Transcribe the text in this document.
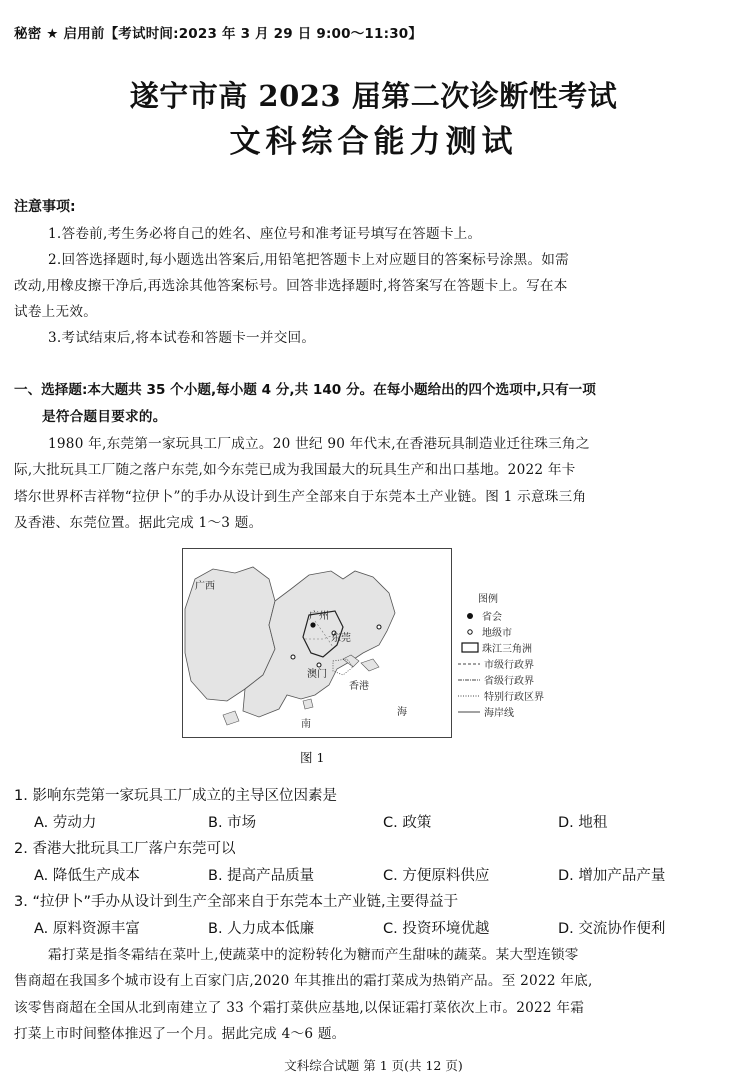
秘密 ★ 启用前【考试时间:2023 年 3 月 29 日 9:00～11:30】
遂宁市高 2023 届第二次诊断性考试
文科综合能力测试
注意事项:
1.答卷前,考生务必将自己的姓名、座位号和准考证号填写在答题卡上。
2.回答选择题时,每小题选出答案后,用铅笔把答题卡上对应题目的答案标号涂黑。如需
改动,用橡皮擦干净后,再选涂其他答案标号。回答非选择题时,将答案写在答题卡上。写在本
试卷上无效。
3.考试结束后,将本试卷和答题卡一并交回。
一、选择题:本大题共 35 个小题,每小题 4 分,共 140 分。在每小题给出的四个选项中,只有一项
是符合题目要求的。
1980 年,东莞第一家玩具工厂成立。20 世纪 90 年代末,在香港玩具制造业迁往珠三角之
际,大批玩具工厂随之落户东莞,如今东莞已成为我国最大的玩具生产和出口基地。2022 年卡
塔尔世界杯吉祥物“拉伊卜”的手办从设计到生产全部来自于东莞本土产业链。图 1 示意珠三角
及香港、东莞位置。据此完成 1～3 题。
广西
广州
东莞
澳门
香港
南
海
图例
省会
地级市
珠江三角洲
市级行政界
省级行政界
特别行政区界
海岸线
图 1
1. 影响东莞第一家玩具工厂成立的主导区位因素是
A. 劳动力	B. 市场	C. 政策	D. 地租
2. 香港大批玩具工厂落户东莞可以
A. 降低生产成本	B. 提高产品质量	C. 方便原料供应	D. 增加产品产量
3. “拉伊卜”手办从设计到生产全部来自于东莞本土产业链,主要得益于
A. 原料资源丰富	B. 人力成本低廉	C. 投资环境优越	D. 交流协作便利
霜打菜是指冬霜结在菜叶上,使蔬菜中的淀粉转化为糖而产生甜味的蔬菜。某大型连锁零
售商超在我国多个城市设有上百家门店,2020 年其推出的霜打菜成为热销产品。至 2022 年底,
该零售商超在全国从北到南建立了 33 个霜打菜供应基地,以保证霜打菜依次上市。2022 年霜
打菜上市时间整体推迟了一个月。据此完成 4～6 题。
文科综合试题 第 1 页(共 12 页)
